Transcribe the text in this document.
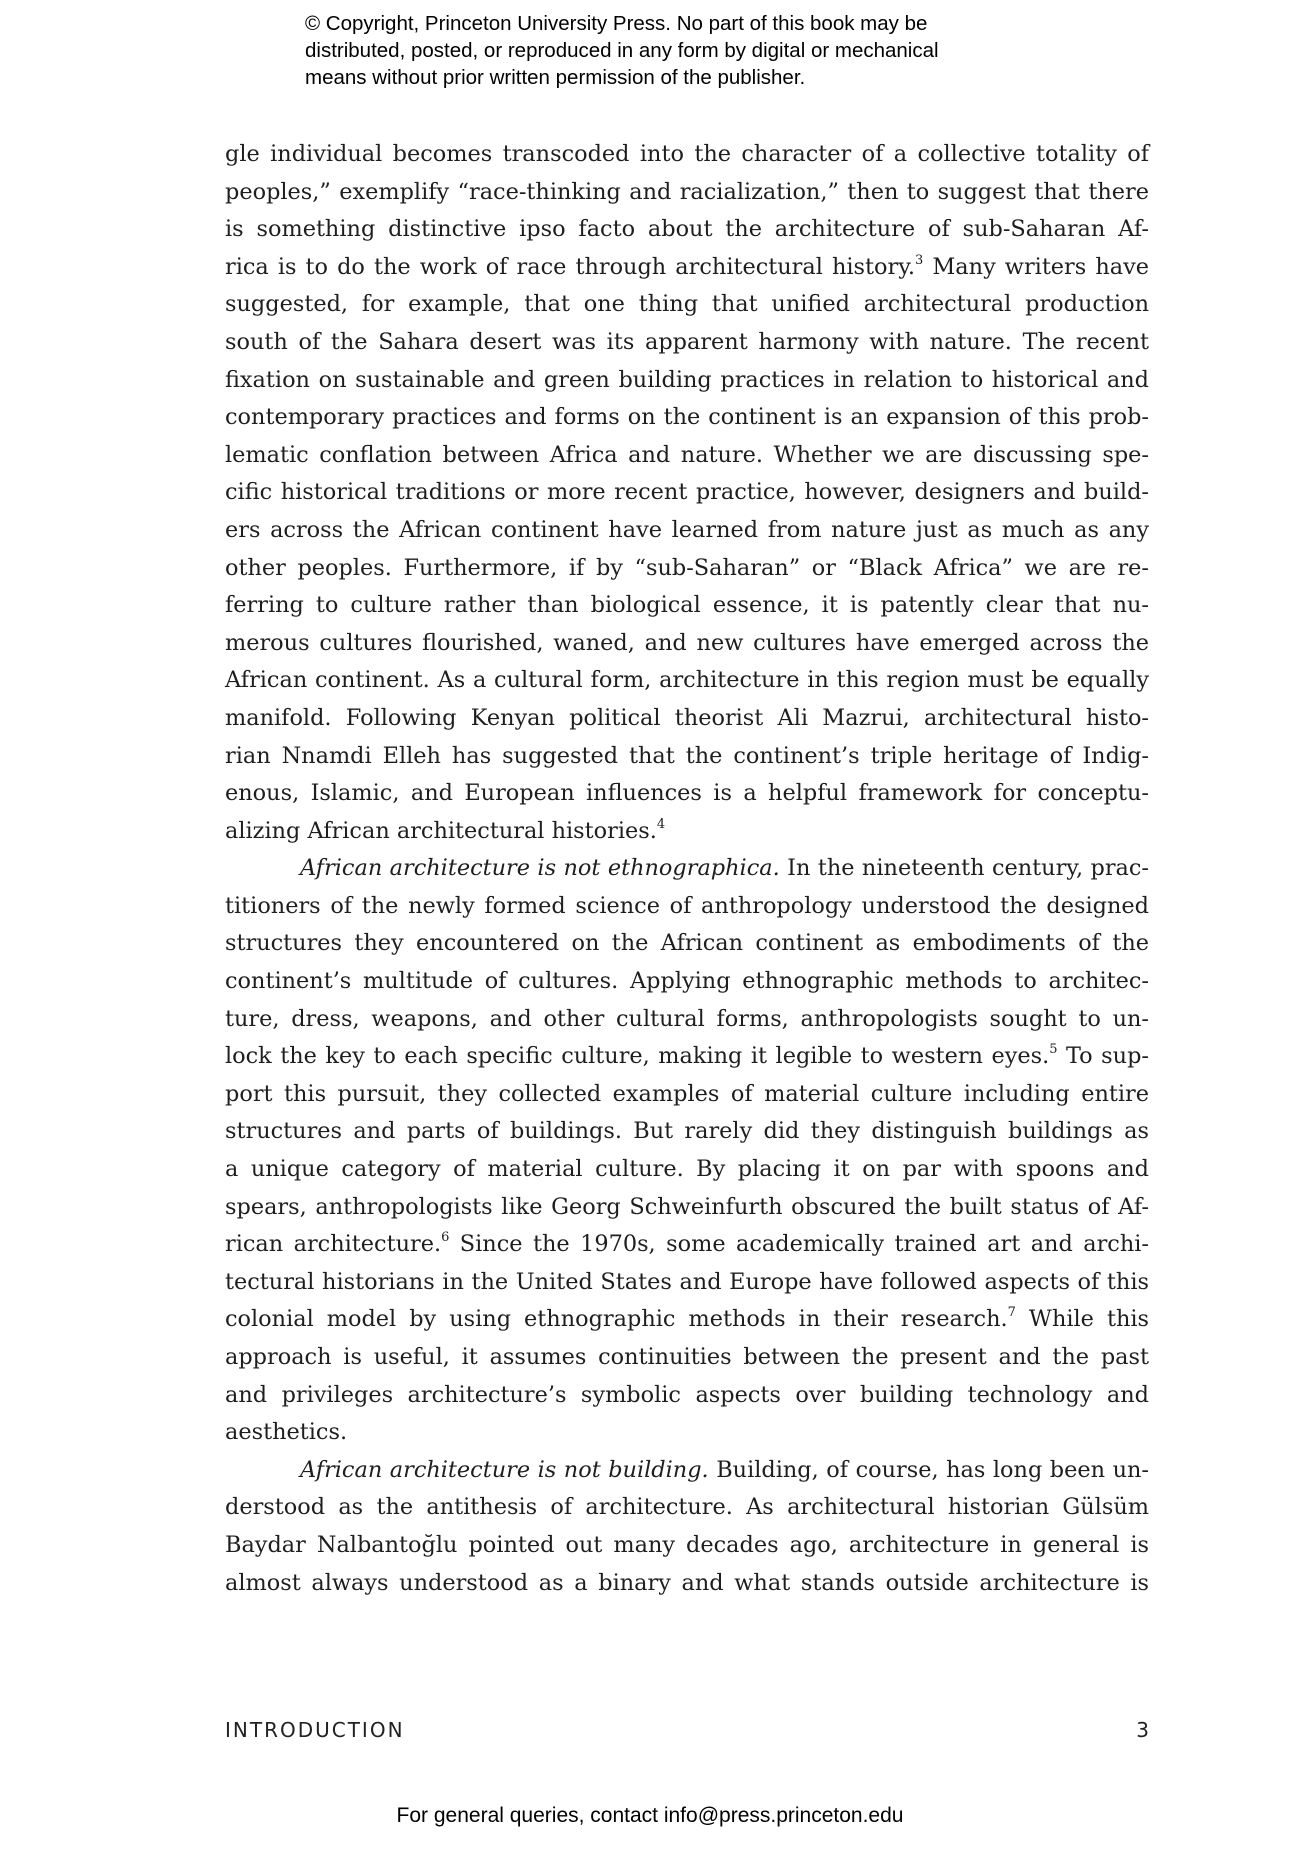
© Copyright, Princeton University Press. No part of this book may be
distributed, posted, or reproduced in any form by digital or mechanical
means without prior written permission of the publisher.
gle individual becomes transcoded into the character of a collective totality of
peoples,” exemplify “race-thinking and racialization,” then to suggest that there
is something distinctive ipso facto about the architecture of sub-Saharan Af-
rica is to do the work of race through architectural history.$^3$ Many writers have
suggested, for example, that one thing that unified architectural production
south of the Sahara desert was its apparent harmony with nature. The recent
fixation on sustainable and green building practices in relation to historical and
contemporary practices and forms on the continent is an expansion of this prob-
lematic conflation between Africa and nature. Whether we are discussing spe-
cific historical traditions or more recent practice, however, designers and build-
ers across the African continent have learned from nature just as much as any
other peoples. Furthermore, if by “sub-Saharan” or “Black Africa” we are re-
ferring to culture rather than biological essence, it is patently clear that nu-
merous cultures flourished, waned, and new cultures have emerged across the
African continent. As a cultural form, architecture in this region must be equally
manifold. Following Kenyan political theorist Ali Mazrui, architectural histo-
rian Nnamdi Elleh has suggested that the continent’s triple heritage of Indig-
enous, Islamic, and European influences is a helpful framework for conceptu-
alizing African architectural histories.$^4$
African architecture is not ethnographica. In the nineteenth century, prac-
titioners of the newly formed science of anthropology understood the designed
structures they encountered on the African continent as embodiments of the
continent’s multitude of cultures. Applying ethnographic methods to architec-
ture, dress, weapons, and other cultural forms, anthropologists sought to un-
lock the key to each specific culture, making it legible to western eyes.$^5$ To sup-
port this pursuit, they collected examples of material culture including entire
structures and parts of buildings. But rarely did they distinguish buildings as
a unique category of material culture. By placing it on par with spoons and
spears, anthropologists like Georg Schweinfurth obscured the built status of Af-
rican architecture.$^6$ Since the 1970s, some academically trained art and archi-
tectural historians in the United States and Europe have followed aspects of this
colonial model by using ethnographic methods in their research.$^7$ While this
approach is useful, it assumes continuities between the present and the past
and privileges architecture’s symbolic aspects over building technology and
aesthetics.
African architecture is not building. Building, of course, has long been un-
derstood as the antithesis of architecture. As architectural historian Gülsüm
Baydar Nalbantoğlu pointed out many decades ago, architecture in general is
almost always understood as a binary and what stands outside architecture is
INTRODUCTION	3
For general queries, contact info@press.princeton.edu
